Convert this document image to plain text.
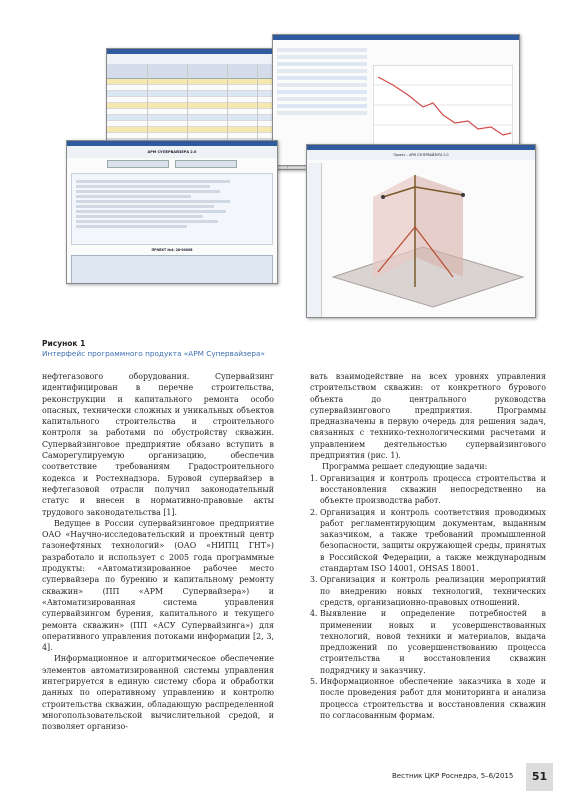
АРМ СУПЕРВАЙЗЕРА 2.0
ПРОЕКТ №4: 28-00008
Проект – АРМ СУПЕРВАЙЗЕРА 2.0
Рисунок 1
Интерфейс программного продукта «АРМ Супервайзера»

нефтегазового оборудования. Супервайзинг идентифицирован в перечне строительства, реконструкции и капитального ремонта особо опасных, технически сложных и уникальных объектов капитального строительства и строительного контроля за работами по обустройству скважин. Супервайзинговое предприятие обязано вступить в Саморегулируемую организацию, обеспечив соответствие требованиям Градостроительного кодекса и Ростехнадзора. Буровой супервайзер в нефтегазовой отрасли получил законодательный статус и внесен в нормативно-правовые акты трудового законодательства [1].

Ведущее в России супервайзинговое предприятие ОАО «Научно-исследовательский и проектный центр газонефтяных технологий» (ОАО «НИПЦ ГНТ») разработало и использует с 2005 года программные продукты: «Автоматизированное рабочее место супервайзера по бурению и капитальному ремонту скважин» (ПП «АРМ Супервайзера») и «Автоматизированная система управления супервайзингом бурения, капитального и текущего ремонта скважин» (ПП «АСУ Супервайзинга») для оперативного управления потоками информации [2, 3, 4].

Информационное и алгоритмическое обеспечение элементов автоматизированной системы управления интегрируется в единую систему сбора и обработки данных по оперативному управлению и контролю строительства скважин, обладающую распределенной многопользовательской вычислительной средой, и позволяет организо-

вать взаимодействие на всех уровнях управления строительством скважин: от конкретного бурового объекта до центрального руководства супервайзингового предприятия. Программы предназначены в первую очередь для решения задач, связанных с технико-технологическими расчетами и управлением деятельностью супервайзингового предприятия (рис. 1).

Программа решает следующие задачи:

1. Организация и контроль процесса строительства и восстановления скважин непосредственно на объекте производства работ.
2. Организация и контроль соответствия проводимых работ регламентирующим документам, выданным заказчиком, а также требований промышленной безопасности, защиты окружающей среды, принятых в Российской Федерации, а также международным стандартам ISO 14001, OHSAS 18001.
3. Организация и контроль реализации мероприятий по внедрению новых технологий, технических средств, организационно-правовых отношений.
4. Выявление и определение потребностей в применении новых и усовершенствованных технологий, новой техники и материалов, выдача предложений по усовершенствованию процесса строительства и восстановления скважин подрядчику и заказчику.
5. Информационное обеспечение заказчика в ходе и после проведения работ для мониторинга и анализа процесса строительства и восстановления скважин по согласованным формам.
Вестник ЦКР Роснедра, 5–6/2015	51
